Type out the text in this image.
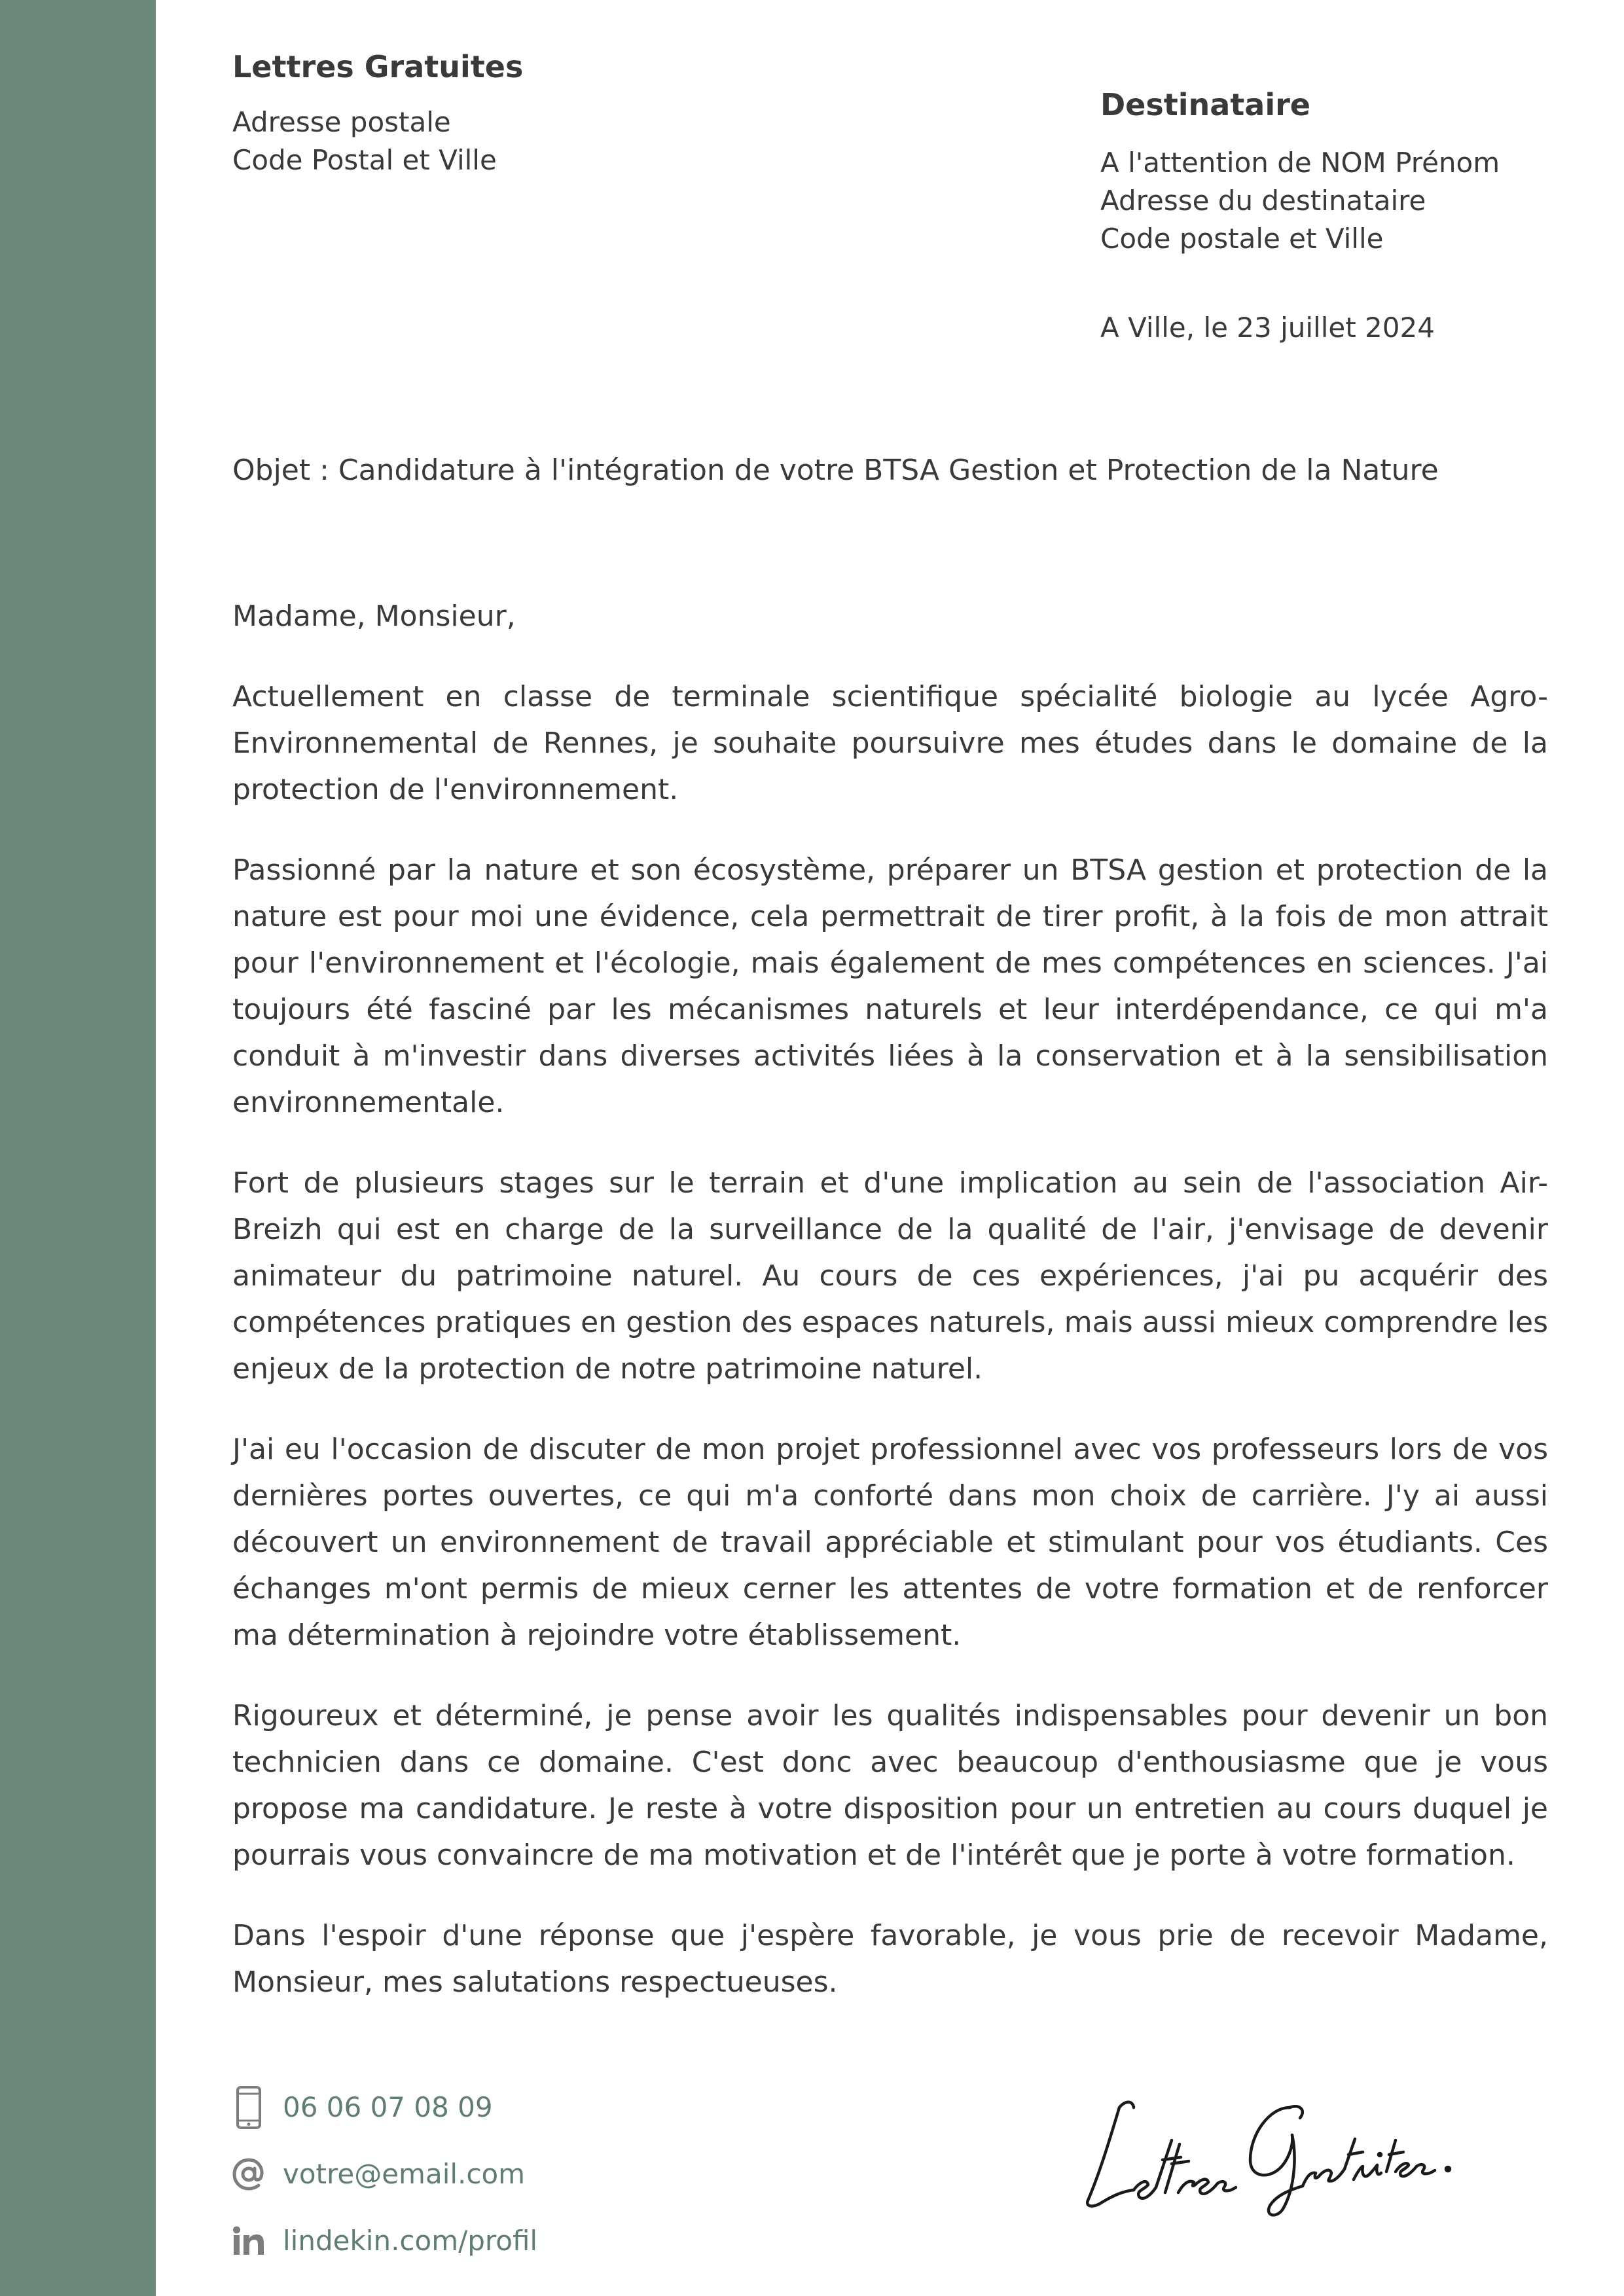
Lettres Gratuites
Adresse postale
Code Postal et Ville
Destinataire
A l'attention de NOM Prénom
Adresse du destinataire
Code postale et Ville
A Ville, le 23 juillet 2024
Objet : Candidature à l'intégration de votre BTSA Gestion et Protection de la Nature

Madame, Monsieur,

Actuellement en classe de terminale scientifique spécialité biologie au lycée Agro-Environnemental de Rennes, je souhaite poursuivre mes études dans le domaine de la protection de l'environnement.

Passionné par la nature et son écosystème, préparer un BTSA gestion et protection de la nature est pour moi une évidence, cela permettrait de tirer profit, à la fois de mon attrait pour l'environnement et l'écologie, mais également de mes compétences en sciences. J'ai toujours été fasciné par les mécanismes naturels et leur interdépendance, ce qui m'a conduit à m'investir dans diverses activités liées à la conservation et à la sensibilisation environnementale.

Fort de plusieurs stages sur le terrain et d'une implication au sein de l'association Air-Breizh qui est en charge de la surveillance de la qualité de l'air, j'envisage de devenir animateur du patrimoine naturel. Au cours de ces expériences, j'ai pu acquérir des compétences pratiques en gestion des espaces naturels, mais aussi mieux comprendre les enjeux de la protection de notre patrimoine naturel.

J'ai eu l'occasion de discuter de mon projet professionnel avec vos professeurs lors de vos dernières portes ouvertes, ce qui m'a conforté dans mon choix de carrière. J'y ai aussi découvert un environnement de travail appréciable et stimulant pour vos étudiants. Ces échanges m'ont permis de mieux cerner les attentes de votre formation et de renforcer ma détermination à rejoindre votre établissement.

Rigoureux et déterminé, je pense avoir les qualités indispensables pour devenir un bon technicien dans ce domaine. C'est donc avec beaucoup d'enthousiasme que je vous propose ma candidature. Je reste à votre disposition pour un entretien au cours duquel je pourrais vous convaincre de ma motivation et de l'intérêt que je porte à votre formation.

Dans l'espoir d'une réponse que j'espère favorable, je vous prie de recevoir Madame, Monsieur, mes salutations respectueuses.

06 06 07 08 09
votre@email.com
lindekin.com/profil
